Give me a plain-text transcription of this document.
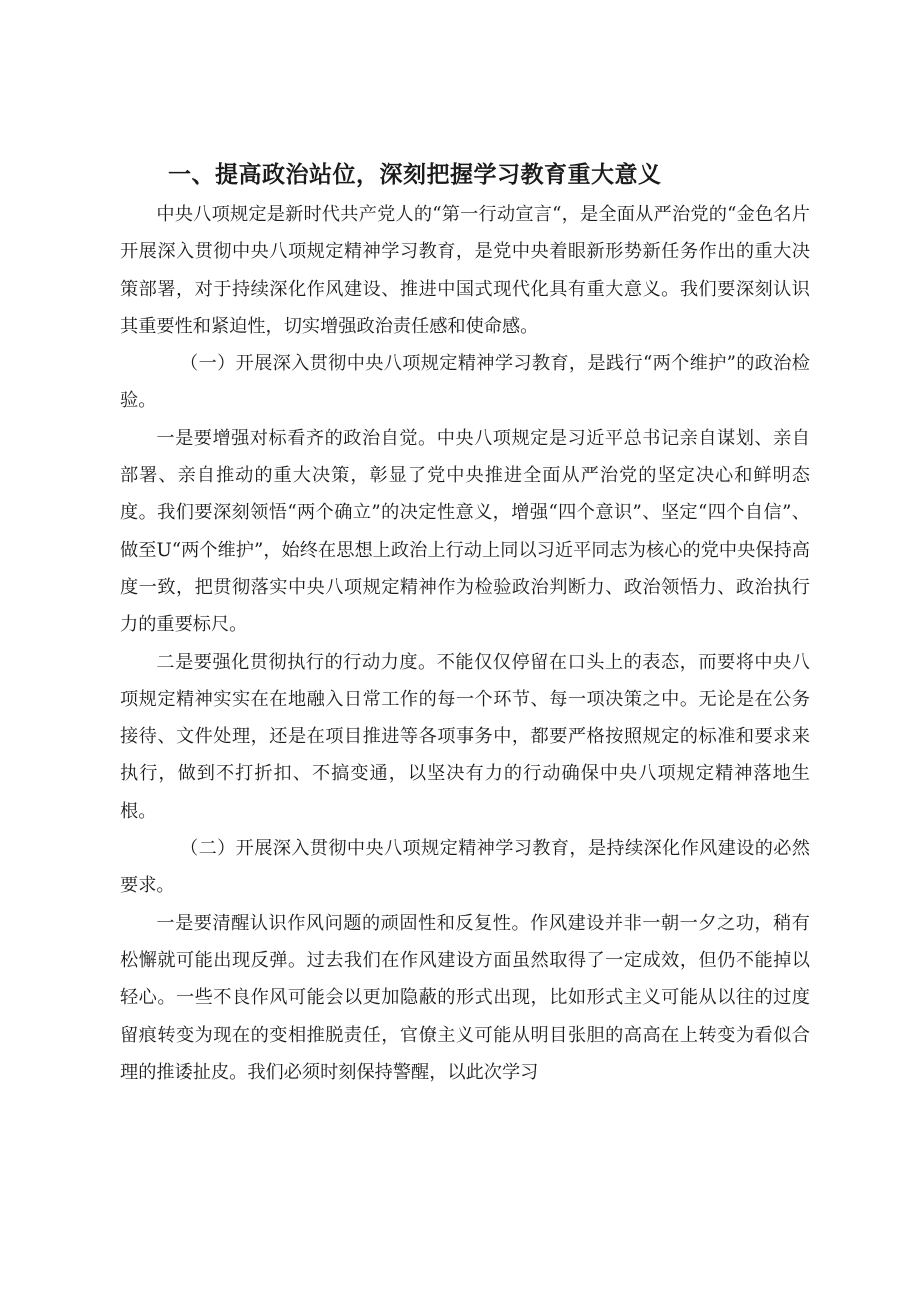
一、提高政治站位，深刻把握学习教育重大意义

中央八项规定是新时代共产党人的“第一行动宣言“，是全面从严治党的“金色名片开展深入贯彻中央八项规定精神学习教育，是党中央着眼新形势新任务作出的重大决策部署，对于持续深化作风建设、推进中国式现代化具有重大意义。我们要深刻认识其重要性和紧迫性，切实增强政治责任感和使命感。

（一）开展深入贯彻中央八项规定精神学习教育，是践行“两个维护”的政治检验。

一是要增强对标看齐的政治自觉。中央八项规定是习近平总书记亲自谋划、亲自部署、亲自推动的重大决策，彰显了党中央推进全面从严治党的坚定决心和鲜明态度。我们要深刻领悟“两个确立”的决定性意义，增强“四个意识”、坚定“四个自信”、做至U“两个维护”，始终在思想上政治上行动上同以习近平同志为核心的党中央保持高度一致，把贯彻落实中央八项规定精神作为检验政治判断力、政治领悟力、政治执行力的重要标尺。

二是要强化贯彻执行的行动力度。不能仅仅停留在口头上的表态，而要将中央八项规定精神实实在在地融入日常工作的每一个环节、每一项决策之中。无论是在公务接待、文件处理，还是在项目推进等各项事务中，都要严格按照规定的标准和要求来执行，做到不打折扣、不搞变通，以坚决有力的行动确保中央八项规定精神落地生根。

（二）开展深入贯彻中央八项规定精神学习教育，是持续深化作风建设的必然要求。

一是要清醒认识作风问题的顽固性和反复性。作风建设并非一朝一夕之功，稍有松懈就可能出现反弹。过去我们在作风建设方面虽然取得了一定成效，但仍不能掉以轻心。一些不良作风可能会以更加隐蔽的形式出现，比如形式主义可能从以往的过度留痕转变为现在的变相推脱责任，官僚主义可能从明目张胆的高高在上转变为看似合理的推诿扯皮。我们必须时刻保持警醒，以此次学习
